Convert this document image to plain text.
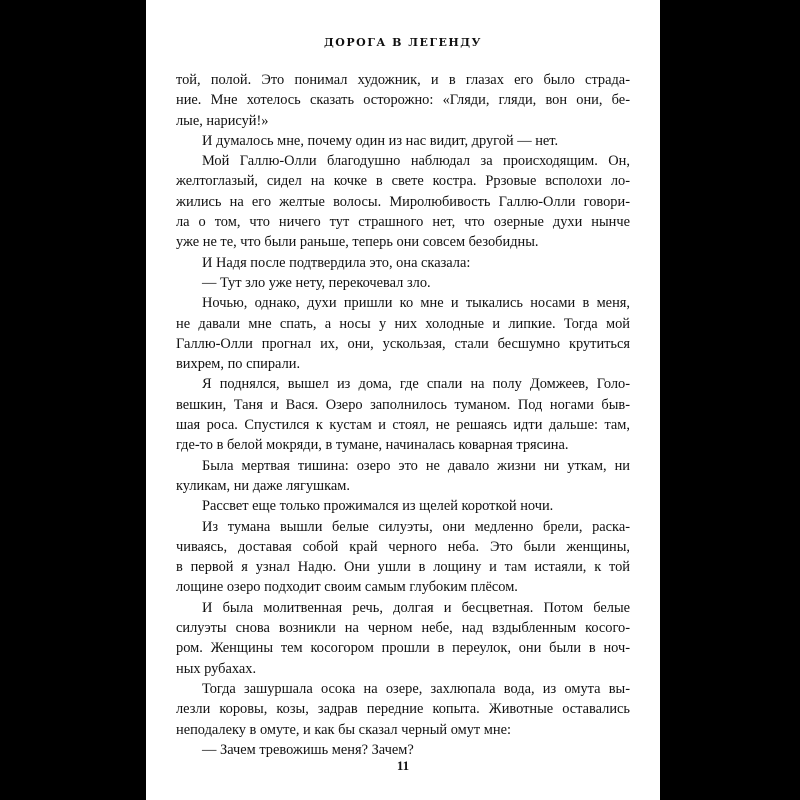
ДОРОГА В ЛЕГЕНДУ

той, полой. Это понимал художник, и в глазах его было страда-
ние. Мне хотелось сказать осторожно: «Гляди, гляди, вон они, бе-
лые, нарисуй!»

И думалось мне, почему один из нас видит, другой — нет.

Мой Галлю-Олли благодушно наблюдал за происходящим. Он,
желтоглазый, сидел на кочке в свете костра. Ррзовые всполохи ло-
жились на его желтые волосы. Миролюбивость Галлю-Олли говори-
ла о том, что ничего тут страшного нет, что озерные духи нынче
уже не те, что были раньше, теперь они совсем безобидны.

И Надя после подтвердила это, она сказала:

— Тут зло уже нету, перекочевал зло.

Ночью, однако, духи пришли ко мне и тыкались носами в меня,
не давали мне спать, а носы у них холодные и липкие. Тогда мой
Галлю-Олли прогнал их, они, ускользая, стали бесшумно крутиться
вихрем, по спирали.

Я поднялся, вышел из дома, где спали на полу Домжеев, Голо-
вешкин, Таня и Вася. Озеро заполнилось туманом. Под ногами быв-
шая роса. Спустился к кустам и стоял, не решаясь идти дальше: там,
где-то в белой мокряди, в тумане, начиналась коварная трясина.

Была мертвая тишина: озеро это не давало жизни ни уткам, ни
куликам, ни даже лягушкам.

Рассвет еще только прожимался из щелей короткой ночи.

Из тумана вышли белые силуэты, они медленно брели, раска-
чиваясь, доставая собой край черного неба. Это были женщины,
в первой я узнал Надю. Они ушли в лощину и там истаяли, к той
лощине озеро подходит своим самым глубоким плёсом.

И была молитвенная речь, долгая и бесцветная. Потом белые
силуэты снова возникли на черном небе, над вздыбленным косого-
ром. Женщины тем косогором прошли в переулок, они были в ноч-
ных рубахах.

Тогда зашуршала осока на озере, захлюпала вода, из омута вы-
лезли коровы, козы, задрав передние копыта. Животные оставались
неподалеку в омуте, и как бы сказал черный омут мне:

— Зачем тревожишь меня? Зачем?

11
